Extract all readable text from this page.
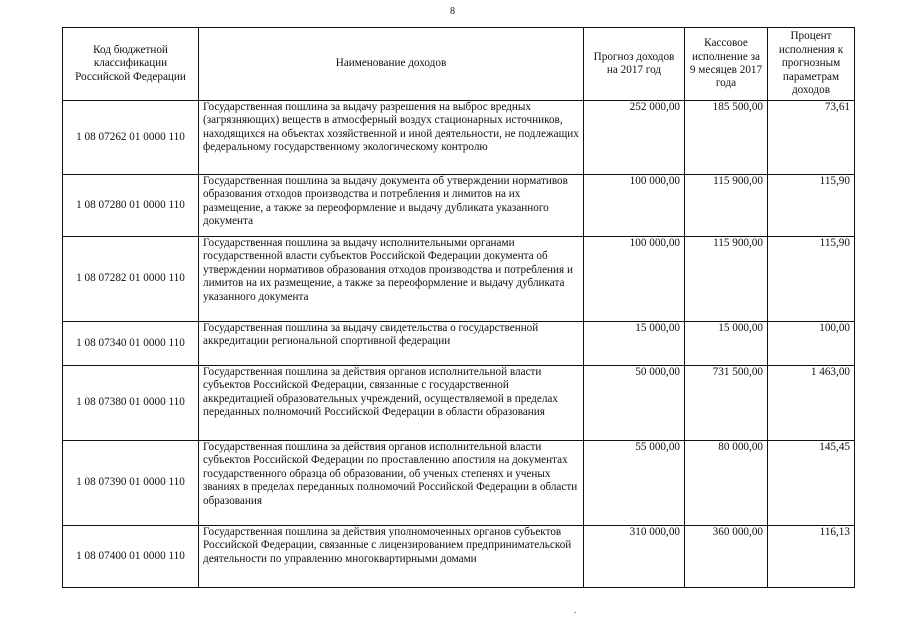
8
Код бюджетной классификации Российской Федерации	Наименование доходов	Прогноз доходов на 2017 год	Кассовое исполнение за 9 месяцев 2017 года	Процент исполнения к прогнозным параметрам доходов
1 08 07262 01 0000 110	Государственная пошлина за выдачу разрешения на выброс вредных (загрязняющих) веществ в атмосферный воздух стационарных источников, находящихся на объектах хозяйственной и иной деятельности, не подлежащих федеральному государственному экологическому контролю	252 000,00	185 500,00	73,61
1 08 07280 01 0000 110	Государственная пошлина за выдачу документа об утверждении нормативов образования отходов производства и потребления и лимитов на их размещение, а также за переоформление и выдачу дубликата указанного документа	100 000,00	115 900,00	115,90
1 08 07282 01 0000 110	Государственная пошлина за выдачу исполнительными органами государственной власти субъектов Российской Федерации документа об утверждении нормативов образования отходов производства и потребления и лимитов на их размещение, а также за переоформление и выдачу дубликата указанного документа	100 000,00	115 900,00	115,90
1 08 07340 01 0000 110	Государственная пошлина за выдачу свидетельства о государственной аккредитации региональной спортивной федерации	15 000,00	15 000,00	100,00
1 08 07380 01 0000 110	Государственная пошлина за действия органов исполнительной власти субъектов Российской Федерации, связанные с государственной аккредитацией образовательных учреждений, осуществляемой в пределах переданных полномочий Российской Федерации в области образования	50 000,00	731 500,00	1 463,00
1 08 07390 01 0000 110	Государственная пошлина за действия органов исполнительной власти субъектов Российской Федерации по проставлению апостиля на документах государственного образца об образовании, об ученых степенях и ученых званиях в пределах переданных полномочий Российской Федерации в области образования	55 000,00	80 000,00	145,45
1 08 07400 01 0000 110	Государственная пошлина за действия уполномоченных органов субъектов Российской Федерации, связанные с лицензированием предпринимательской деятельности по управлению многоквартирными домами	310 000,00	360 000,00	116,13
